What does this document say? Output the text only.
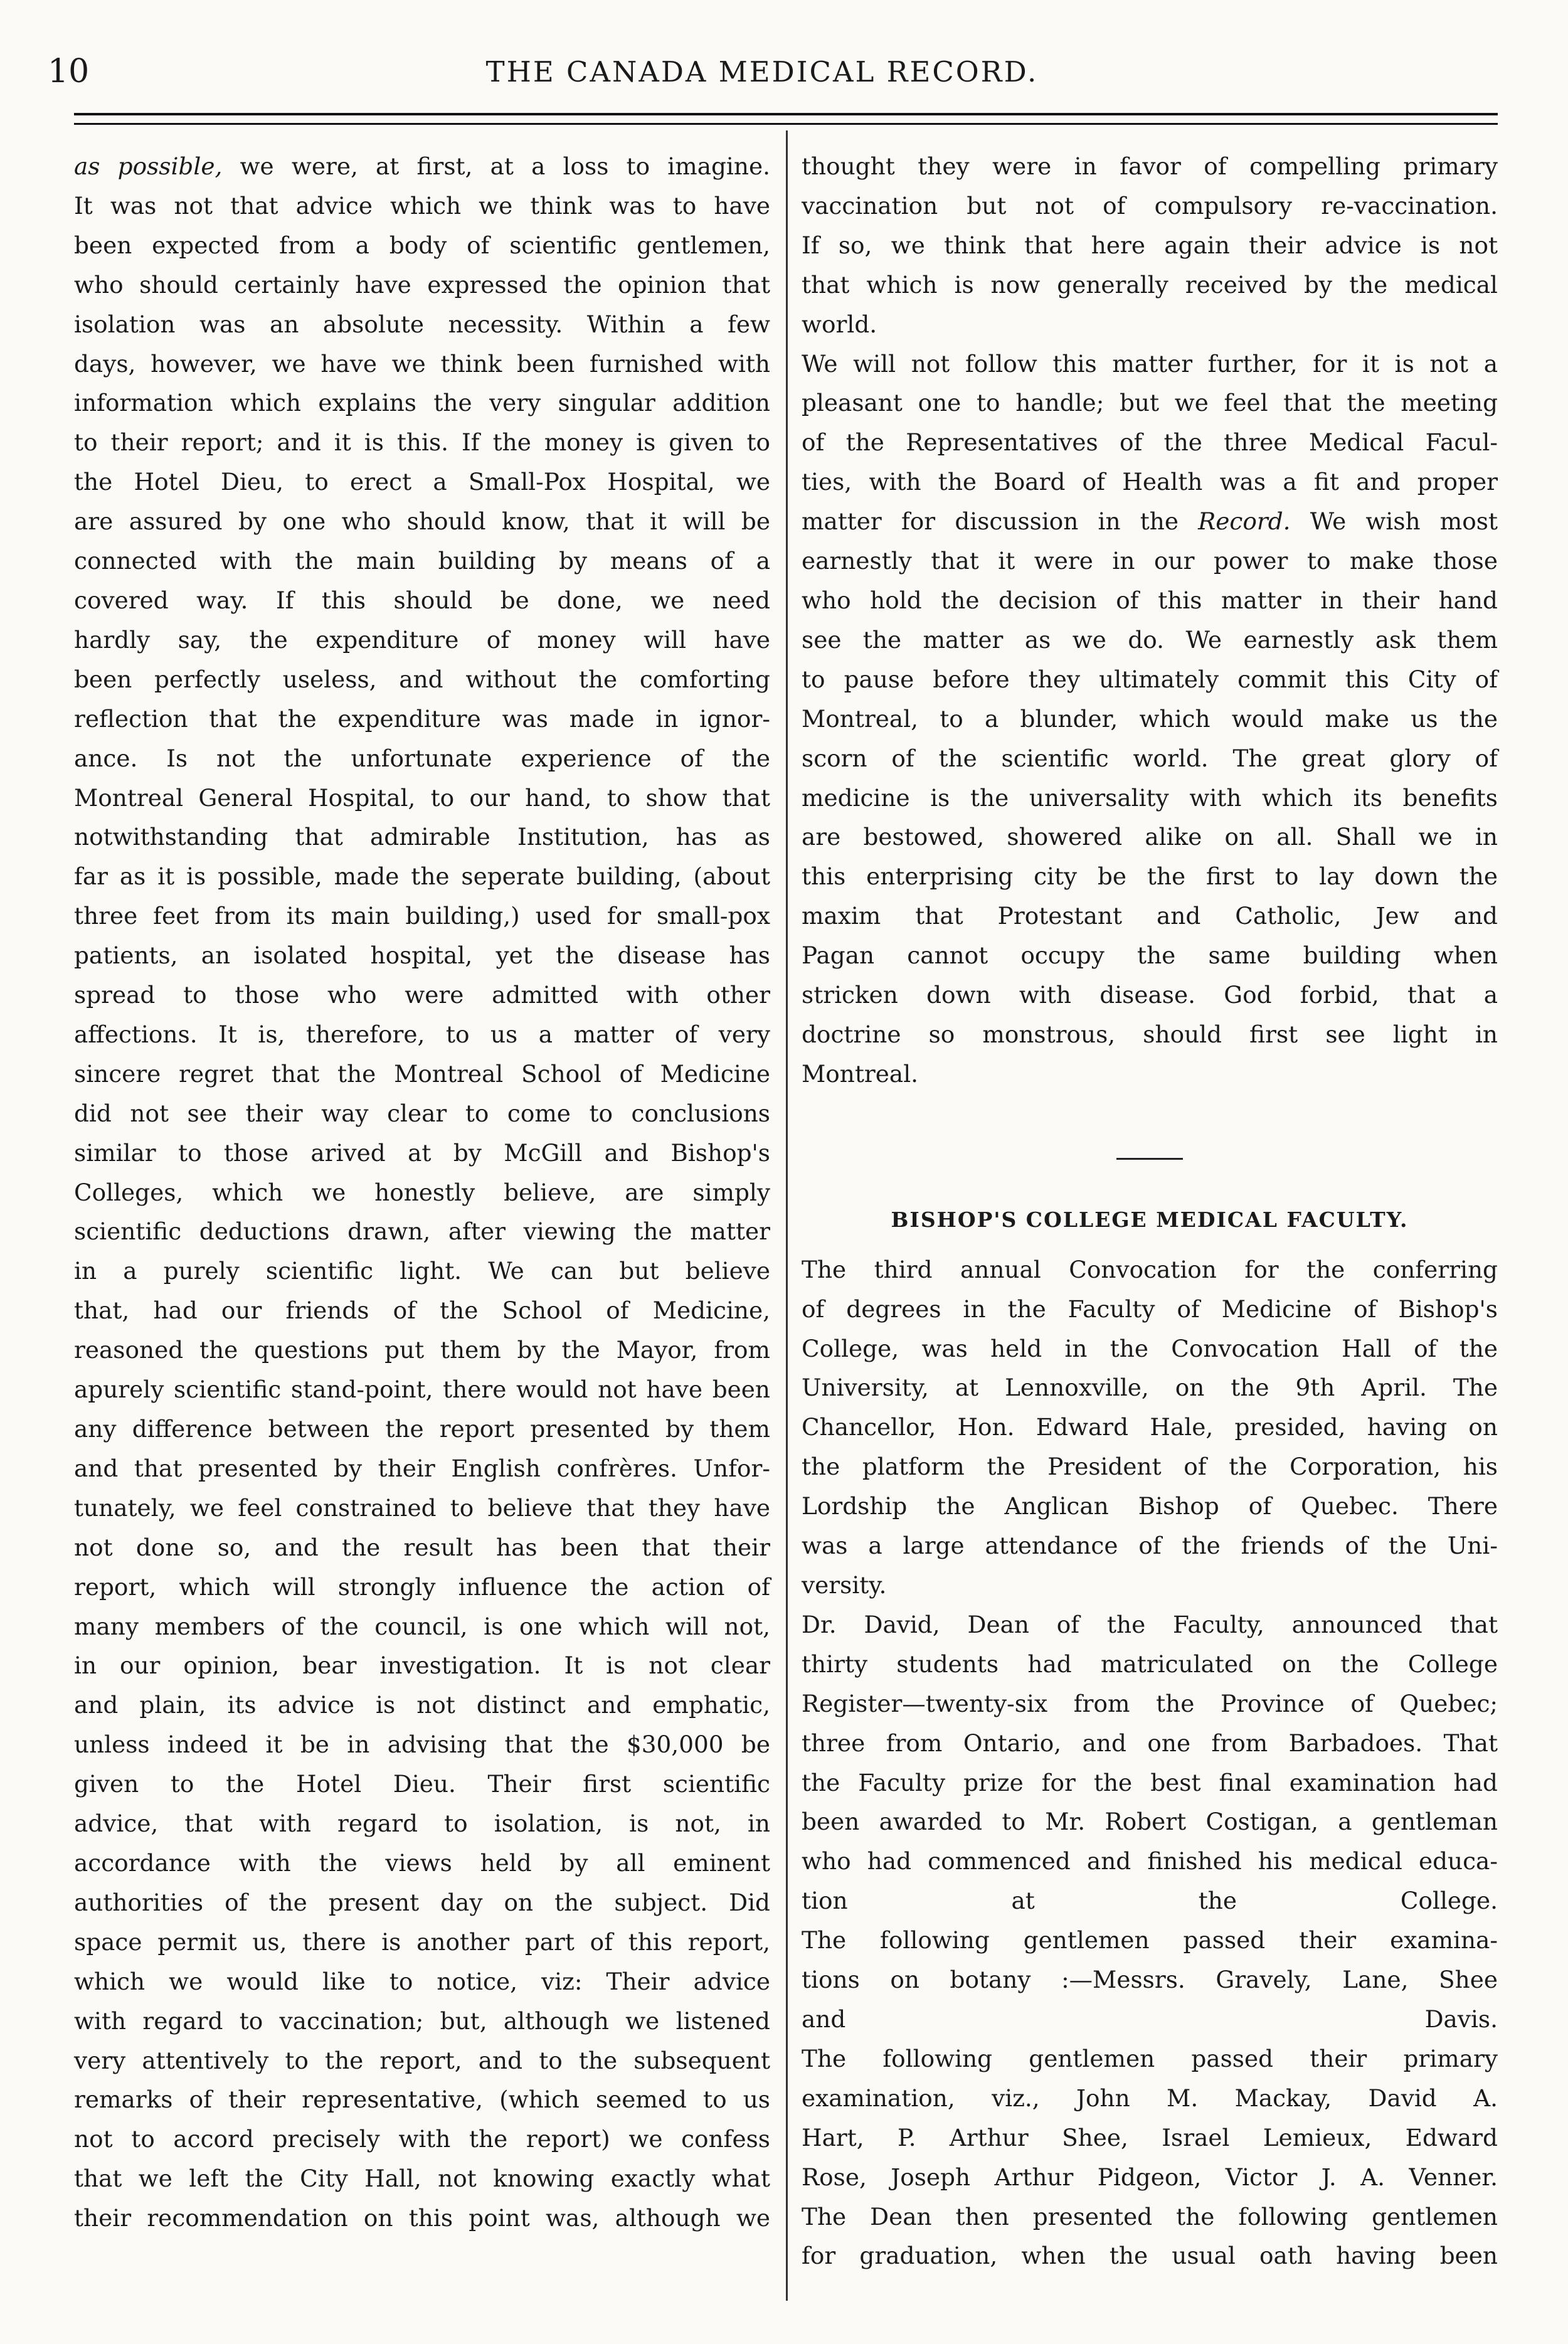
10	THE CANADA MEDICAL RECORD.

as possible, we were, at first, at a loss to imagine.
It was not that advice which we think was to have
been expected from a body of scientific gentlemen,
who should certainly have expressed the opinion that
isolation was an absolute necessity. Within a few
days, however, we have we think been furnished with
information which explains the very singular addition
to their report; and it is this. If the money is given to
the Hotel Dieu, to erect a Small-Pox Hospital, we
are assured by one who should know, that it will be
connected with the main building by means of a
covered way. If this should be done, we need
hardly say, the expenditure of money will have
been perfectly useless, and without the comforting
reflection that the expenditure was made in ignor-
ance. Is not the unfortunate experience of the
Montreal General Hospital, to our hand, to show that
notwithstanding that admirable Institution, has as
far as it is possible, made the seperate building, (about
three feet from its main building,) used for small-pox
patients, an isolated hospital, yet the disease has
spread to those who were admitted with other
affections. It is, therefore, to us a matter of very
sincere regret that the Montreal School of Medicine
did not see their way clear to come to conclusions
similar to those arived at by McGill and Bishop's
Colleges, which we honestly believe, are simply
scientific deductions drawn, after viewing the matter
in a purely scientific light. We can but believe
that, had our friends of the School of Medicine,
reasoned the questions put them by the Mayor, from
apurely scientific stand-point, there would not have been
any difference between the report presented by them
and that presented by their English confrères. Unfor-
tunately, we feel constrained to believe that they have
not done so, and the result has been that their
report, which will strongly influence the action of
many members of the council, is one which will not,
in our opinion, bear investigation. It is not clear
and plain, its advice is not distinct and emphatic,
unless indeed it be in advising that the $30,000 be
given to the Hotel Dieu. Their first scientific
advice, that with regard to isolation, is not, in
accordance with the views held by all eminent
authorities of the present day on the subject. Did
space permit us, there is another part of this report,
which we would like to notice, viz: Their advice
with regard to vaccination; but, although we listened
very attentively to the report, and to the subsequent
remarks of their representative, (which seemed to us
not to accord precisely with the report) we confess
that we left the City Hall, not knowing exactly what
their recommendation on this point was, although we

thought they were in favor of compelling primary
vaccination but not of compulsory re-vaccination.
If so, we think that here again their advice is not
that which is now generally received by the medical
world.

We will not follow this matter further, for it is not a
pleasant one to handle; but we feel that the meeting
of the Representatives of the three Medical Facul-
ties, with the Board of Health was a fit and proper
matter for discussion in the Record. We wish most
earnestly that it were in our power to make those
who hold the decision of this matter in their hand
see the matter as we do. We earnestly ask them
to pause before they ultimately commit this City of
Montreal, to a blunder, which would make us the
scorn of the scientific world. The great glory of
medicine is the universality with which its benefits
are bestowed, showered alike on all. Shall we in
this enterprising city be the first to lay down the
maxim that Protestant and Catholic, Jew and
Pagan cannot occupy the same building when
stricken down with disease. God forbid, that a
doctrine so monstrous, should first see light in
Montreal.

BISHOP'S COLLEGE MEDICAL FACULTY.

The third annual Convocation for the conferring
of degrees in the Faculty of Medicine of Bishop's
College, was held in the Convocation Hall of the
University, at Lennoxville, on the 9th April. The
Chancellor, Hon. Edward Hale, presided, having on
the platform the President of the Corporation, his
Lordship the Anglican Bishop of Quebec. There
was a large attendance of the friends of the Uni-
versity.

Dr. David, Dean of the Faculty, announced that
thirty students had matriculated on the College
Register—twenty-six from the Province of Quebec;
three from Ontario, and one from Barbadoes. That
the Faculty prize for the best final examination had
been awarded to Mr. Robert Costigan, a gentleman
who had commenced and finished his medical educa-
tion at the College.

The following gentlemen passed their examina-
tions on botany :—Messrs. Gravely, Lane, Shee
and Davis.

The following gentlemen passed their primary
examination, viz., John M. Mackay, David A.
Hart, P. Arthur Shee, Israel Lemieux, Edward
Rose, Joseph Arthur Pidgeon, Victor J. A. Venner.

The Dean then presented the following gentlemen
for graduation, when the usual oath having been
